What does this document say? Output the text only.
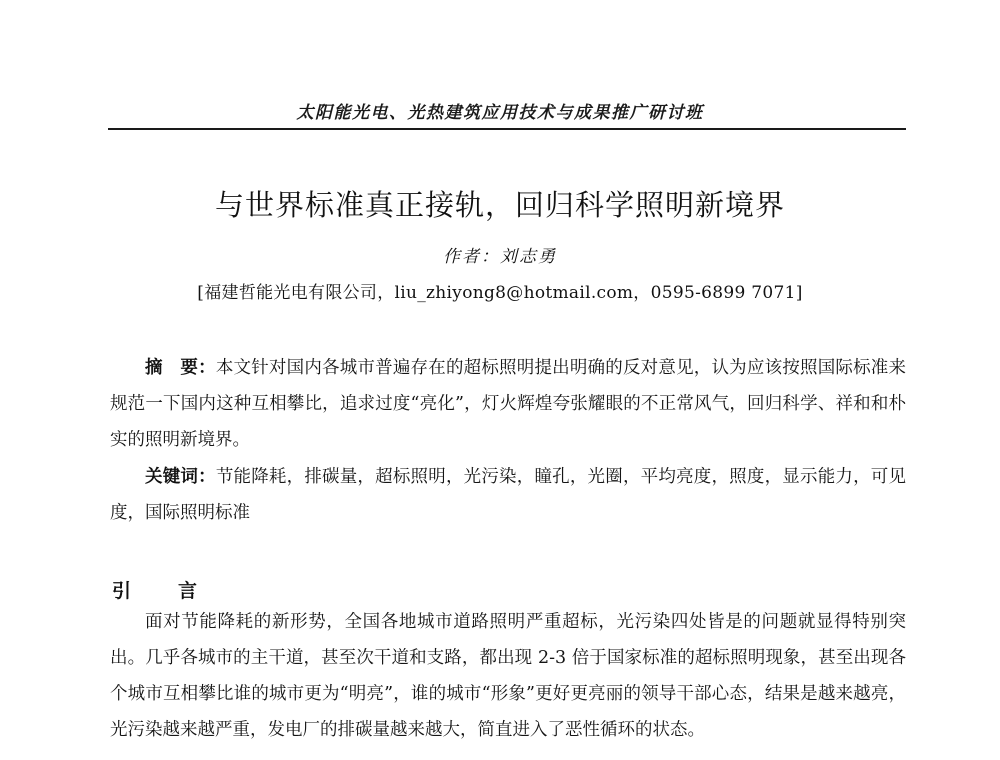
太阳能光电、光热建筑应用技术与成果推广研讨班
与世界标准真正接轨，回归科学照明新境界
作者：刘志勇
[福建哲能光电有限公司，liu_zhiyong8@hotmail.com，0595-6899 7071]

摘　要：本文针对国内各城市普遍存在的超标照明提出明确的反对意见，认为应该按照国际标准来规范一下国内这种互相攀比，追求过度“亮化”，灯火辉煌夸张耀眼的不正常风气，回归科学、祥和和朴实的照明新境界。

关键词：节能降耗，排碳量，超标照明，光污染，瞳孔，光圈，平均亮度，照度，显示能力，可见度，国际照明标准

引　言

面对节能降耗的新形势，全国各地城市道路照明严重超标，光污染四处皆是的问题就显得特别突出。几乎各城市的主干道，甚至次干道和支路，都出现 2-3 倍于国家标准的超标照明现象，甚至出现各个城市互相攀比谁的城市更为“明亮”，谁的城市“形象”更好更亮丽的领导干部心态，结果是越来越亮，光污染越来越严重，发电厂的排碳量越来越大，简直进入了恶性循环的状态。
